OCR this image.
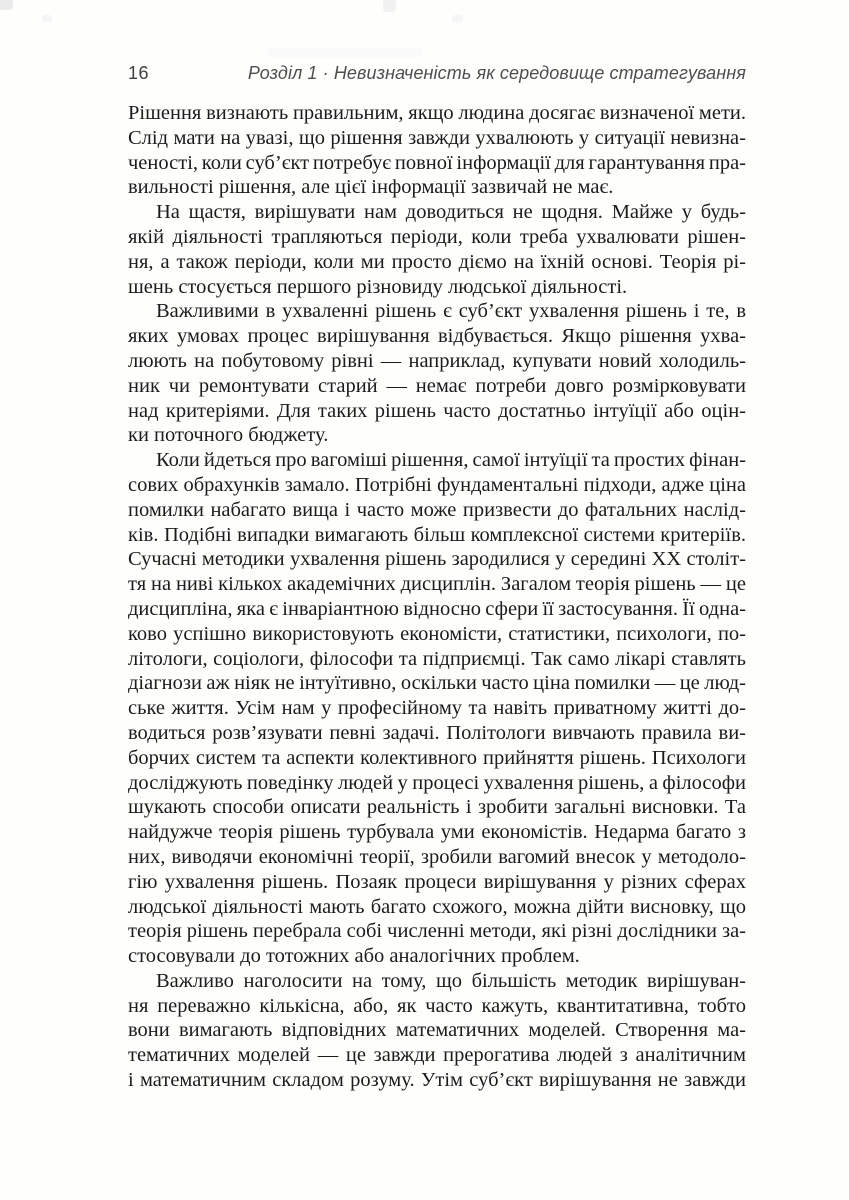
16	Розділ 1 · Невизначеність як середовище стратегування
Рішення визнають правильним, якщо людина досягає визначеної мети.
Слід мати на увазі, що рішення завжди ухвалюють у ситуації невизна-
ченості, коли суб’єкт потребує повної інформації для гарантування пра-
вильності рішення, але цієї інформації зазвичай не має.
На щастя, вирішувати нам доводиться не щодня. Майже у будь-
якій діяльності трапляються періоди, коли треба ухвалювати рішен-
ня, а також періоди, коли ми просто діємо на їхній основі. Теорія рі-
шень стосується першого різновиду людської діяльності.
Важливими в ухваленні рішень є суб’єкт ухвалення рішень і те, в
яких умовах процес вирішування відбувається. Якщо рішення ухва-
люють на побутовому рівні — наприклад, купувати новий холодиль-
ник чи ремонтувати старий — немає потреби довго розмірковувати
над критеріями. Для таких рішень часто достатньо інтуїції або оцін-
ки поточного бюджету.
Коли йдеться про вагоміші рішення, самої інтуїції та простих фінан-
сових обрахунків замало. Потрібні фундаментальні підходи, адже ціна
помилки набагато вища і часто може призвести до фатальних наслід-
ків. Подібні випадки вимагають більш комплексної системи критеріїв.
Сучасні методики ухвалення рішень зародилися у середині ХХ століт-
тя на ниві кількох академічних дисциплін. Загалом теорія рішень — це
дисципліна, яка є інваріантною відносно сфери її застосування. Її одна-
ково успішно використовують економісти, статистики, психологи, по-
літологи, соціологи, філософи та підприємці. Так само лікарі ставлять
діагнози аж ніяк не інтуїтивно, оскільки часто ціна помилки — це люд-
ське життя. Усім нам у професійному та навіть приватному житті до-
водиться розв’язувати певні задачі. Політологи вивчають правила ви-
борчих систем та аспекти колективного прийняття рішень. Психологи
досліджують поведінку людей у процесі ухвалення рішень, а філософи
шукають способи описати реальність і зробити загальні висновки. Та
найдужче теорія рішень турбувала уми економістів. Недарма багато з
них, виводячи економічні теорії, зробили вагомий внесок у методоло-
гію ухвалення рішень. Позаяк процеси вирішування у різних сферах
людської діяльності мають багато схожого, можна дійти висновку, що
теорія рішень перебрала собі численні методи, які різні дослідники за-
стосовували до тотожних або аналогічних проблем.
Важливо наголосити на тому, що більшість методик вирішуван-
ня переважно кількісна, або, як часто кажуть, квантитативна, тобто
вони вимагають відповідних математичних моделей. Створення ма-
тематичних моделей — це завжди прерогатива людей з аналітичним
і математичним складом розуму. Утім суб’єкт вирішування не завжди
